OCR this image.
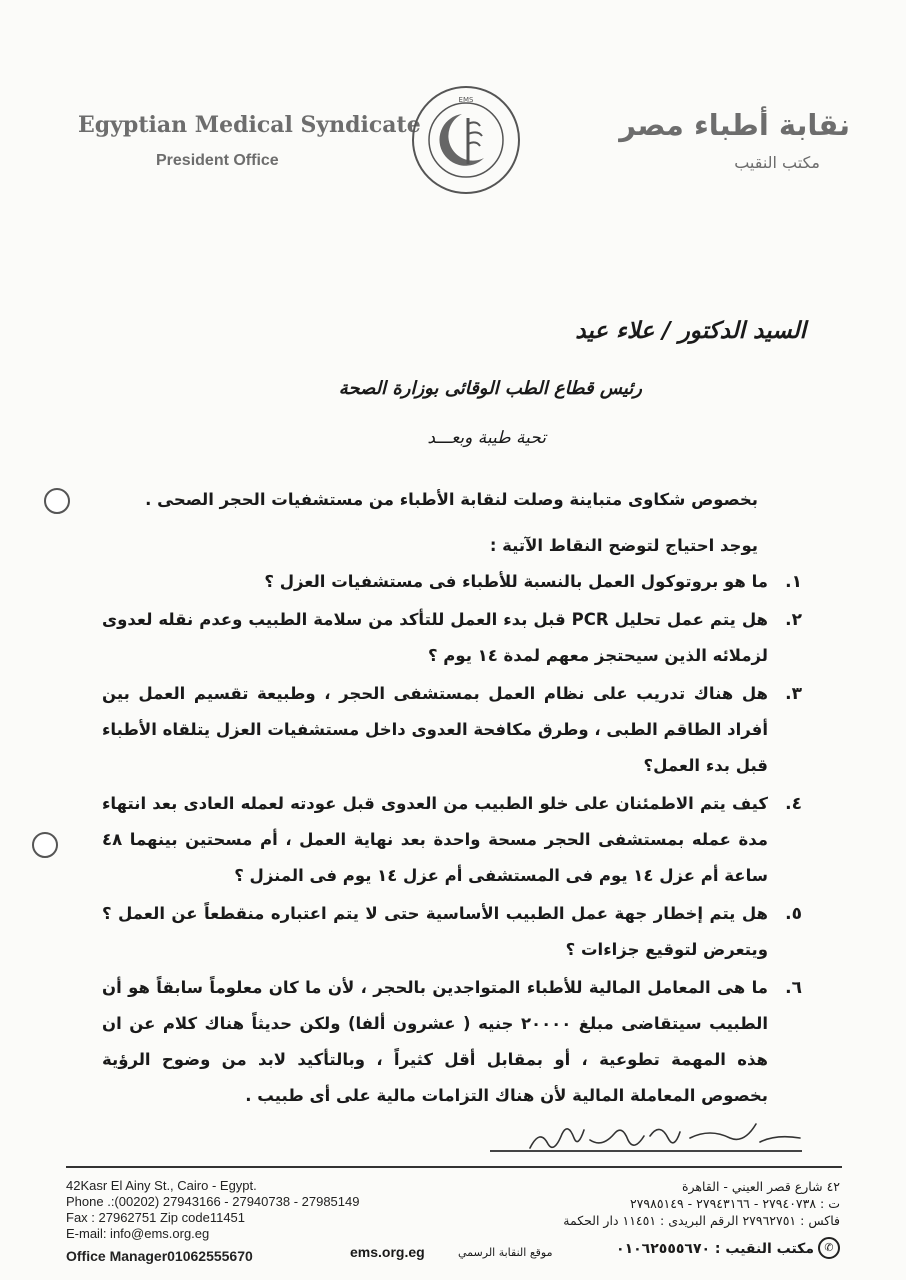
Egyptian Medical Syndicate
President Office
EMS
نقابة أطباء مصر
مكتب النقيب
السيد الدكتور / علاء عيد
رئيس قطاع الطب الوقائى بوزارة الصحة
تحية طيبة وبعـــد
بخصوص شكاوى متباينة وصلت لنقابة الأطباء من مستشفيات الحجر الصحى .
يوجد احتياج لتوضح النقاط الآتية :
١.
ما هو بروتوكول العمل بالنسبة للأطباء فى مستشفيات العزل ؟
٢.
هل يتم عمل تحليل PCR قبل بدء العمل للتأكد من سلامة الطبيب وعدم نقله لعدوى لزملائه الذين سيحتجز معهم لمدة ١٤ يوم ؟
٣.
هل هناك تدريب على نظام العمل بمستشفى الحجر ، وطبيعة تقسيم العمل بين أفراد الطاقم الطبى ، وطرق مكافحة العدوى داخل مستشفيات العزل يتلقاه الأطباء قبل بدء العمل؟
٤.
كيف يتم الاطمئنان على خلو الطبيب من العدوى قبل عودته لعمله العادى بعد انتهاء مدة عمله بمستشفى الحجر مسحة واحدة بعد نهاية العمل ، أم مسحتين بينهما ٤٨ ساعة أم عزل ١٤ يوم فى المستشفى أم عزل ١٤ يوم فى المنزل ؟
٥.
هل يتم إخطار جهة عمل الطبيب الأساسية حتى لا يتم اعتباره منقطعاً عن العمل ؟ ويتعرض لتوقيع جزاءات ؟
٦.
ما هى المعامل المالية للأطباء المتواجدين بالحجر ، لأن ما كان معلوماً سابقاً هو أن الطبيب سيتقاضى مبلغ ٢٠٠٠٠ جنيه ( عشرون ألفا) ولكن حديثاً هناك كلام عن ان هذه المهمة تطوعية ، أو بمقابل أقل كثيراً ، وبالتأكيد لابد من وضوح الرؤية بخصوص المعاملة المالية لأن هناك التزامات مالية على أى طبيب .
42Kasr El Ainy St., Cairo - Egypt.
Phone .:(00202) 27943166 - 27940738 - 27985149
Fax : 27962751 Zip code11451
E-mail: info@ems.org.eg
Office Manager01062555670	ems.org.eg	موقع النقابة الرسمي
٤٢ شارع قصر العيني - القاهرة
ت : ٢٧٩٤٠٧٣٨ - ٢٧٩٤٣١٦٦ - ٢٧٩٨٥١٤٩
فاكس : ٢٧٩٦٢٧٥١ الرقم البريدى : ١١٤٥١ دار الحكمة
مكتب النقيب : ٠١٠٦٢٥٥٥٦٧٠ ✆
